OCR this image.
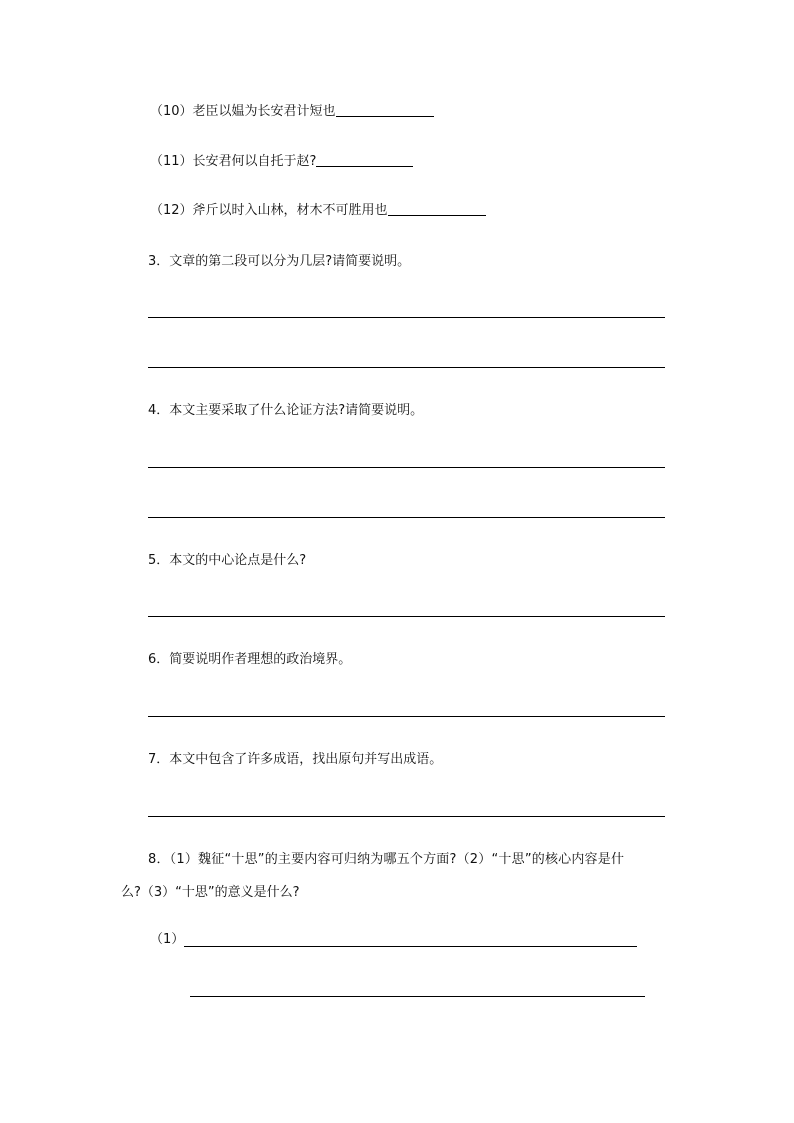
（10）老臣以媪为长安君计短也
（11）长安君何以自托于赵?
（12）斧斤以时入山林，材木不可胜用也
3．文章的第二段可以分为几层?请简要说明。
4．本文主要采取了什么论证方法?请简要说明。
5．本文的中心论点是什么?
6．简要说明作者理想的政治境界。
7．本文中包含了许多成语，找出原句并写出成语。
8．（1）魏征“十思”的主要内容可归纳为哪五个方面?（2）“十思”的核心内容是什
么?（3）“十思”的意义是什么?
（1）
